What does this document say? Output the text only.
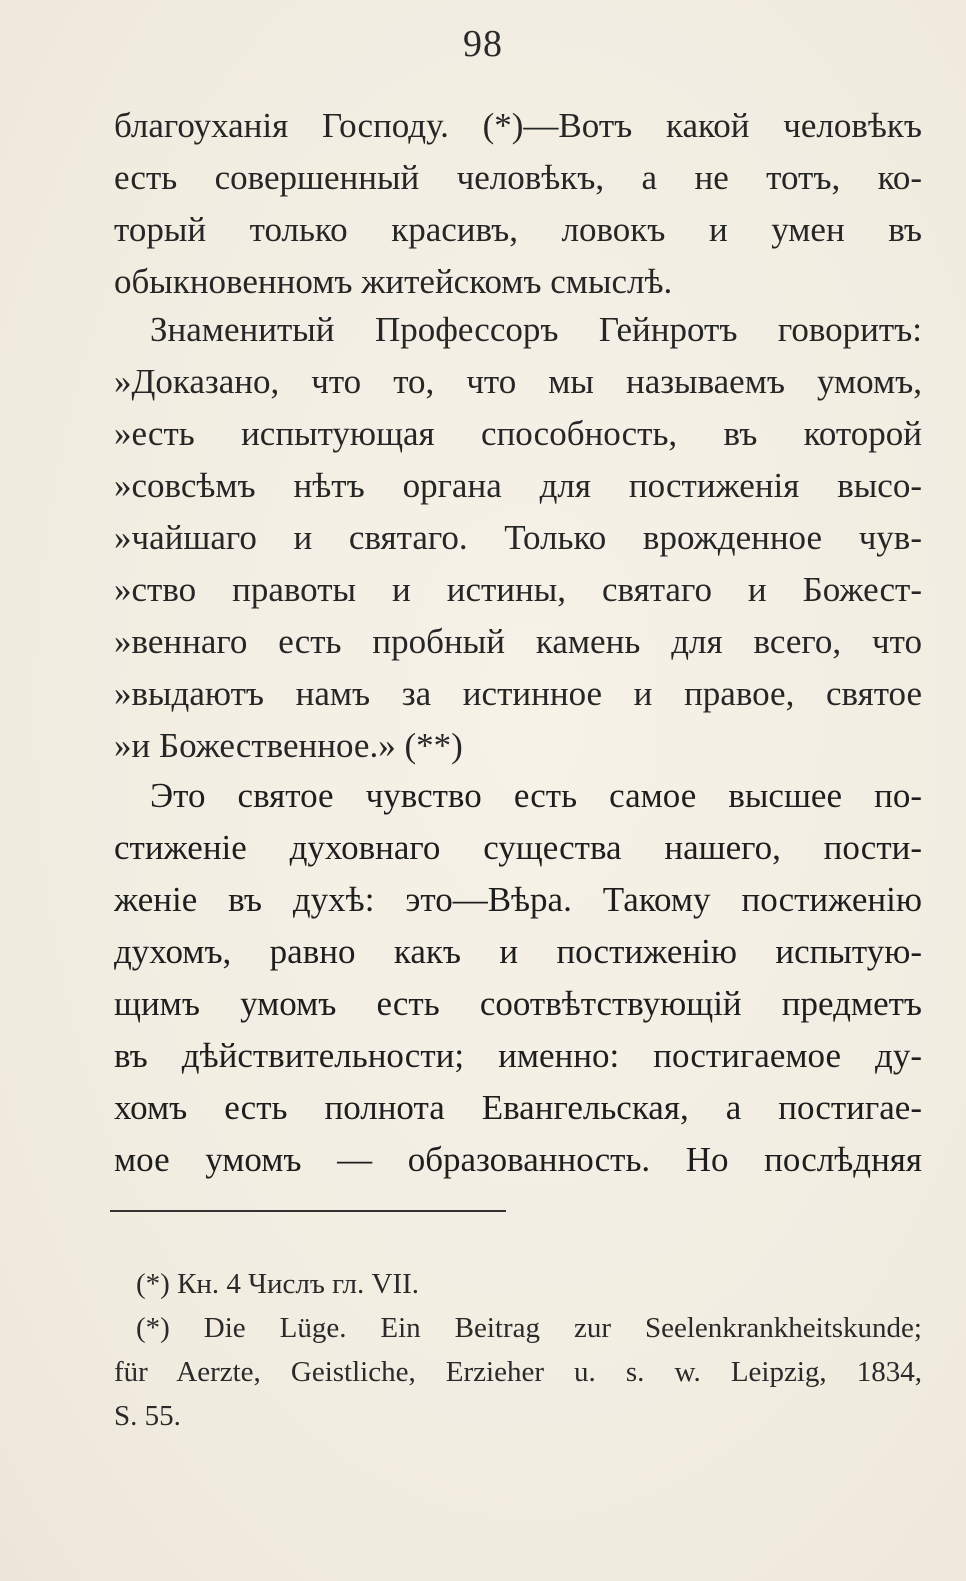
98
благоуханія Господу. (*)—Вотъ какой человѣкъ
есть совершенный человѣкъ, а не тотъ, ко-
торый только красивъ, ловокъ и умен въ
обыкновенномъ житейскомъ смыслѣ.
Знаменитый Профессоръ Гейнротъ говоритъ:
»Доказано, что то, что мы называемъ умомъ,
»есть испытующая способность, въ которой
»совсѣмъ нѣтъ органа для постиженія высо-
»чайшаго и святаго. Только врожденное чув-
»ство правоты и истины, святаго и Божест-
»веннаго есть пробный камень для всего, что
»выдаютъ намъ за истинное и правое, святое
»и Божественное.» (**)
Это святое чувство есть самое высшее по-
стиженіе духовнаго существа нашего, пости-
женіе въ духѣ: это—Вѣра. Такому постиженію
духомъ, равно какъ и постиженію испытую-
щимъ умомъ есть соотвѣтствующій предметъ
въ дѣйствительности; именно: постигаемое ду-
хомъ есть полнота Евангельская, а постигае-
мое умомъ — образованность. Но послѣдняя
(*) Кн. 4 Числъ гл. VII.
(*) Die Lüge. Ein Beitrag zur Seelenkrankheitskunde;
für Aerzte, Geistliche, Erzieher u. s. w. Leipzig, 1834,
S. 55.
